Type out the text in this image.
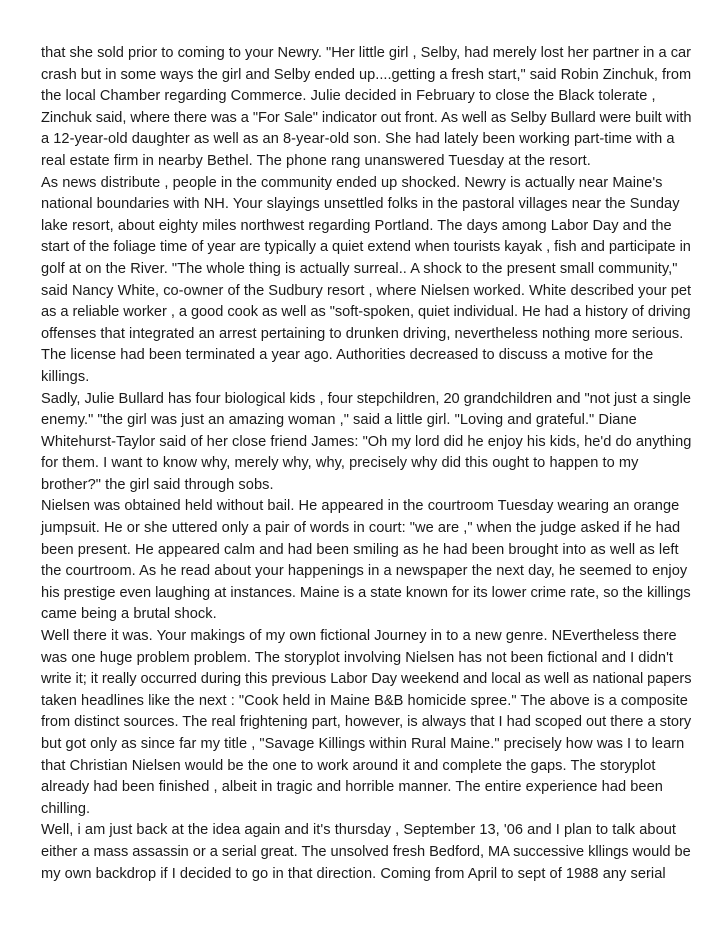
that she sold prior to coming to your Newry. "Her little girl , Selby, had merely lost her partner in a car
crash but in some ways the girl and Selby ended up....getting a fresh start," said Robin Zinchuk, from
the local Chamber regarding Commerce. Julie decided in February to close the Black tolerate ,
Zinchuk said, where there was a "For Sale" indicator out front. As well as Selby Bullard were built with
a 12-year-old daughter as well as an 8-year-old son. She had lately been working part-time with a
real estate firm in nearby Bethel. The phone rang unanswered Tuesday at the resort.
As news distribute , people in the community ended up shocked. Newry is actually near Maine's
national boundaries with NH. Your slayings unsettled folks in the pastoral villages near the Sunday
lake resort, about eighty miles northwest regarding Portland. The days among Labor Day and the
start of the foliage time of year are typically a quiet extend when tourists kayak , fish and participate in
golf at on the River. "The whole thing is actually surreal.. A shock to the present small community,"
said Nancy White, co-owner of the Sudbury resort , where Nielsen worked. White described your pet
as a reliable worker , a good cook as well as "soft-spoken, quiet individual. He had a history of driving
offenses that integrated an arrest pertaining to drunken driving, nevertheless nothing more serious.
The license had been terminated a year ago. Authorities decreased to discuss a motive for the
killings.
Sadly, Julie Bullard has four biological kids , four stepchildren, 20 grandchildren and "not just a single
enemy." "the girl was just an amazing woman ," said a little girl. "Loving and grateful." Diane
Whitehurst-Taylor said of her close friend James: "Oh my lord did he enjoy his kids, he'd do anything
for them. I want to know why, merely why, why, precisely why did this ought to happen to my
brother?" the girl said through sobs.
Nielsen was obtained held without bail. He appeared in the courtroom Tuesday wearing an orange
jumpsuit. He or she uttered only a pair of words in court: "we are ," when the judge asked if he had
been present. He appeared calm and had been smiling as he had been brought into as well as left
the courtroom. As he read about your happenings in a newspaper the next day, he seemed to enjoy
his prestige even laughing at instances. Maine is a state known for its lower crime rate, so the killings
came being a brutal shock.
Well there it was. Your makings of my own fictional Journey in to a new genre. NEvertheless there
was one huge problem problem. The storyplot involving Nielsen has not been fictional and I didn't
write it; it really occurred during this previous Labor Day weekend and local as well as national papers
taken headlines like the next : "Cook held in Maine B&B homicide spree." The above is a composite
from distinct sources. The real frightening part, however, is always that I had scoped out there a story
but got only as since far my title , "Savage Killings within Rural Maine." precisely how was I to learn
that Christian Nielsen would be the one to work around it and complete the gaps. The storyplot
already had been finished , albeit in tragic and horrible manner. The entire experience had been
chilling.
Well, i am just back at the idea again and it's thursday , September 13, '06 and I plan to talk about
either a mass assassin or a serial great. The unsolved fresh Bedford, MA successive kllings would be
my own backdrop if I decided to go in that direction. Coming from April to sept of 1988 any serial
